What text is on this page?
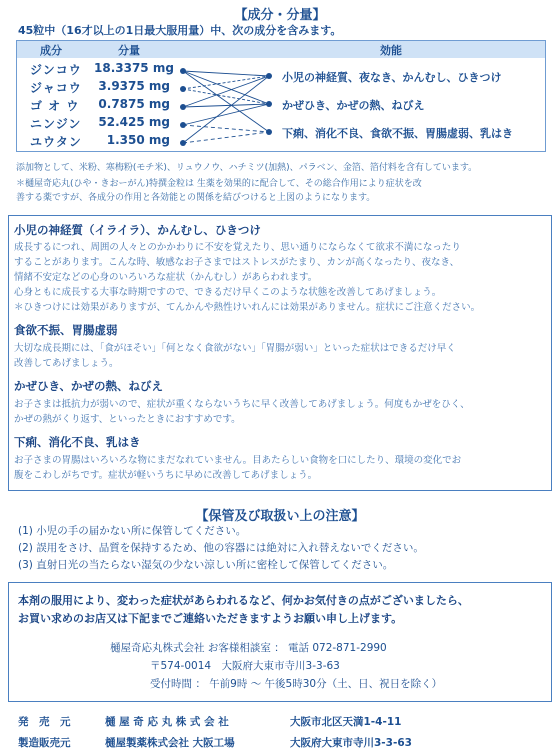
【成分・分量】
45粒中（16才以上の1日最大服用量）中、次の成分を含みます。
成分	分量	効能
ジンコウ 18.3375 mg
ジャコウ	3.9375 mg
ゴ オ ウ	0.7875 mg
ニンジン	52.425 mg
ユウタン	1.350 mg
小児の神経質、夜なき、かんむし、ひきつけ
かぜひき、かぜの熱、ねびえ
下痢、消化不良、食欲不振、胃腸虚弱、乳はき
添加物として、米粉、寒梅粉(モチ米)、リュウノウ、ハチミツ(加熱)、パラベン、金箔、箔付料を含有しています。
＊樋屋奇応丸(ひや・きおーがん)特撰金粒は 生薬を効果的に配合して、その総合作用により症状を改
善する薬ですが、各成分の作用と各効能との関係を結びつけると上図のようになります。
小児の神経質（イライラ）、かんむし、ひきつけ
成長するにつれ、周囲の人々とのかかわりに不安を覚えたり、思い通りにならなくて欲求不満になったり
することがあります。こんな時、敏感なお子さまではストレスがたまり、カンが高くなったり、夜なき、
情緒不安定などの心身のいろいろな症状（かんむし）があらわれます。
心身ともに成長する大事な時期ですので、できるだけ早くこのような状態を改善してあげましょう。
＊ひきつけには効果がありますが、てんかんや熱性けいれんには効果がありません。症状にご注意ください。
食欲不振、胃腸虚弱
大切な成長期には、「食がほそい」「何となく食欲がない」「胃腸が弱い」といった症状はできるだけ早く
改善してあげましょう。
かぜひき、かぜの熱、ねびえ
お子さまは抵抗力が弱いので、症状が重くならないうちに早く改善してあげましょう。何度もかぜをひく、
かぜの熱がくり返す、といったときにおすすめです。
下痢、消化不良、乳はき
お子さまの胃腸はいろいろな物にまだなれていません。目あたらしい食物を口にしたり、環境の変化でお
腹をこわしがちです。症状が軽いうちに早めに改善してあげましょう。
【保管及び取扱い上の注意】
(1) 小児の手の届かない所に保管してください。
(2) 誤用をさけ、品質を保持するため、他の容器には絶対に入れ替えないでください。
(3) 直射日光の当たらない湿気の少ない涼しい所に密栓して保管してください。
本剤の服用により、変わった症状があらわれるなど、何かお気付きの点がございましたら、
お買い求めのお店又は下記までご連絡いただきますようお願い申し上げます。
樋屋奇応丸株式会社 お客様相談室 ： 電話 072-871-2990
〒574-0014　大阪府大東市寺川3-3-63
受付時間 ： 午前9時 ～ 午後5時30分（土、日、祝日を除く）
発　売　元	樋 屋 奇 応 丸 株 式 会 社	大阪市北区天満1-4-11
製造販売元	樋屋製薬株式会社 大阪工場	大阪府大東市寺川3-3-63
